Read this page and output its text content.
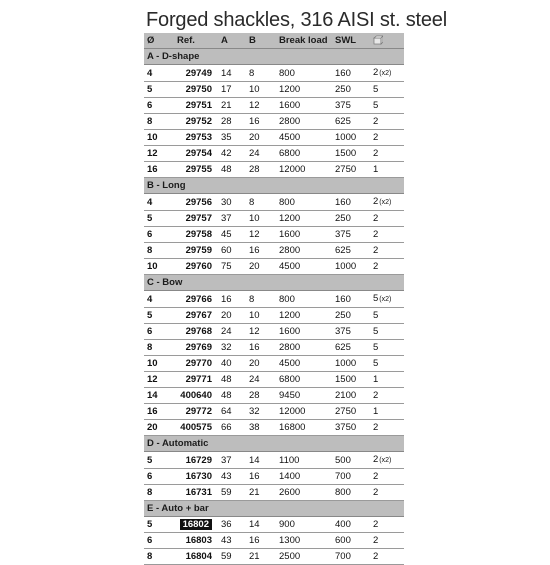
Forged shackles, 316 AISI st. steel
Ø	Ref.	A	B	Break load	SWL	
A - D-shape						
4	29749	14	8	800	160	2(x2)
5	29750	17	10	1200	250	5
6	29751	21	12	1600	375	5
8	29752	28	16	2800	625	2
10	29753	35	20	4500	1000	2
12	29754	42	24	6800	1500	2
16	29755	48	28	12000	2750	1
B - Long						
4	29756	30	8	800	160	2(x2)
5	29757	37	10	1200	250	2
6	29758	45	12	1600	375	2
8	29759	60	16	2800	625	2
10	29760	75	20	4500	1000	2
C - Bow						
4	29766	16	8	800	160	5(x2)
5	29767	20	10	1200	250	5
6	29768	24	12	1600	375	5
8	29769	32	16	2800	625	5
10	29770	40	20	4500	1000	5
12	29771	48	24	6800	1500	1
14	400640	48	28	9450	2100	2
16	29772	64	32	12000	2750	1
20	400575	66	38	16800	3750	2
D - Automatic						
5	16729	37	14	1100	500	2(x2)
6	16730	43	16	1400	700	2
8	16731	59	21	2600	800	2
E - Auto + bar						
5	16802	36	14	900	400	2
6	16803	43	16	1300	600	2
8	16804	59	21	2500	700	2
